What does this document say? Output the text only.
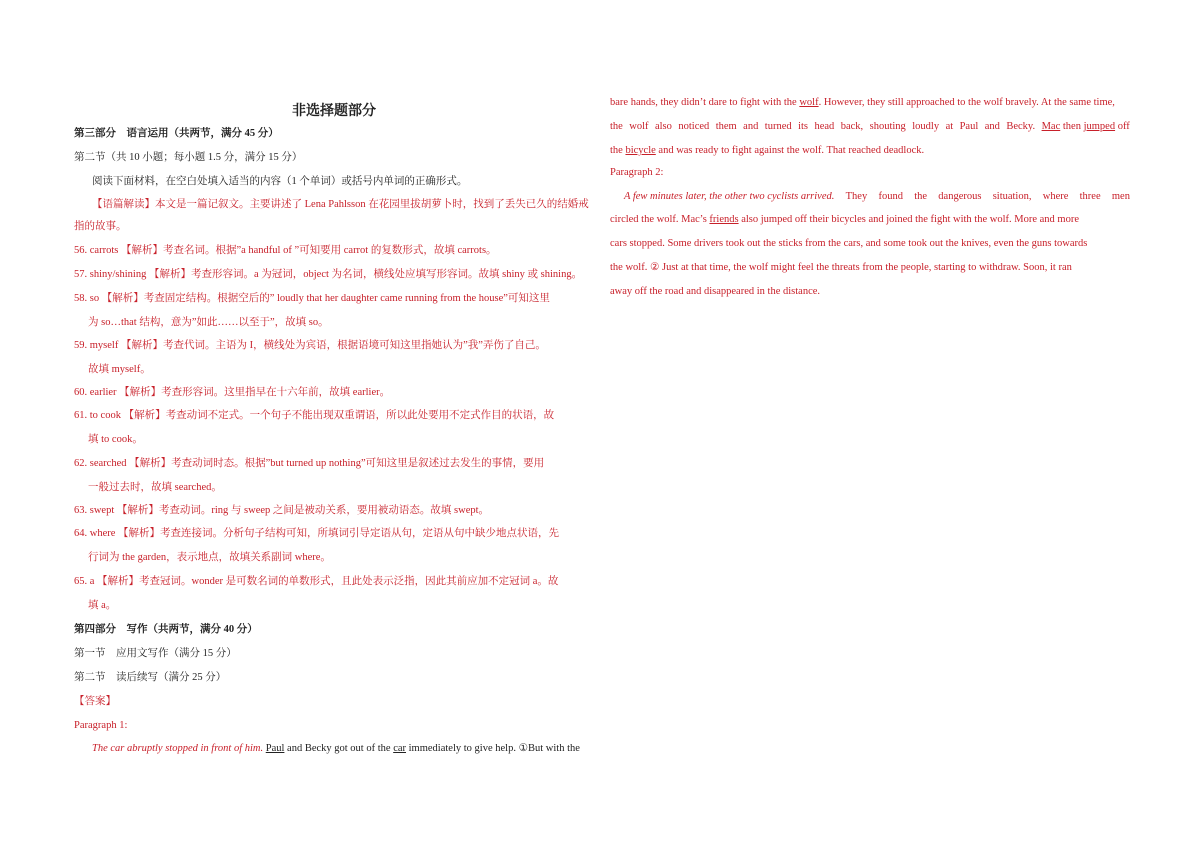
非选择题部分
第三部分　语言运用（共两节，满分 45 分）
第二节（共 10 小题；每小题 1.5 分，满分 15 分）
阅读下面材料，在空白处填入适当的内容（1 个单词）或括号内单词的正确形式。
【语篇解读】本文是一篇记叙文。主要讲述了 Lena Pahlsson 在花园里拔胡萝卜时，找到了丢失已久的结婚戒
指的故事。
56. carrots 【解析】考查名词。根据”a handful of ”可知要用 carrot 的复数形式，故填 carrots。
57. shiny/shining 【解析】考查形容词。a 为冠词，object 为名词，横线处应填写形容词。故填 shiny 或 shining。
58. so 【解析】考查固定结构。根据空后的” loudly that her daughter came running from the house”可知这里
为 so…that 结构，意为”如此……以至于”，故填 so。
59. myself 【解析】考查代词。主语为 I，横线处为宾语，根据语境可知这里指她认为”我”弄伤了自己。
故填 myself。
60. earlier 【解析】考查形容词。这里指早在十六年前，故填 earlier。
61. to cook 【解析】考查动词不定式。一个句子不能出现双重谓语，所以此处要用不定式作目的状语，故
填 to cook。
62. searched 【解析】考查动词时态。根据”but turned up nothing”可知这里是叙述过去发生的事情，要用
一般过去时，故填 searched。
63. swept 【解析】考查动词。ring 与 sweep 之间是被动关系，要用被动语态。故填 swept。
64. where 【解析】考查连接词。分析句子结构可知，所填词引导定语从句，定语从句中缺少地点状语，先
行词为 the garden，表示地点，故填关系副词 where。
65. a 【解析】考查冠词。wonder 是可数名词的单数形式，且此处表示泛指，因此其前应加不定冠词 a。故
填 a。
第四部分　写作（共两节，满分 40 分）
第一节　应用文写作（满分 15 分）
第二节　读后续写（满分 25 分）
【答案】
Paragraph 1:
The car abruptly stopped in front of him. Paul and Becky got out of the car immediately to give help. ①But with the
bare hands, they didn’t dare to fight with the wolf. However, they still approached to the wolf bravely. At the same time,
the wolf also noticed them and turned its head back, shouting loudly at Paul and Becky. Mac then jumped off
the bicycle and was ready to fight against the wolf. That reached deadlock.
Paragraph 2:
A few minutes later, the other two cyclists arrived. They found the dangerous situation, where three men
circled the wolf. Mac’s friends also jumped off their bicycles and joined the fight with the wolf. More and more
cars stopped. Some drivers took out the sticks from the cars, and some took out the knives, even the guns towards
the wolf. ② Just at that time, the wolf might feel the threats from the people, starting to withdraw. Soon, it ran
away off the road and disappeared in the distance.
